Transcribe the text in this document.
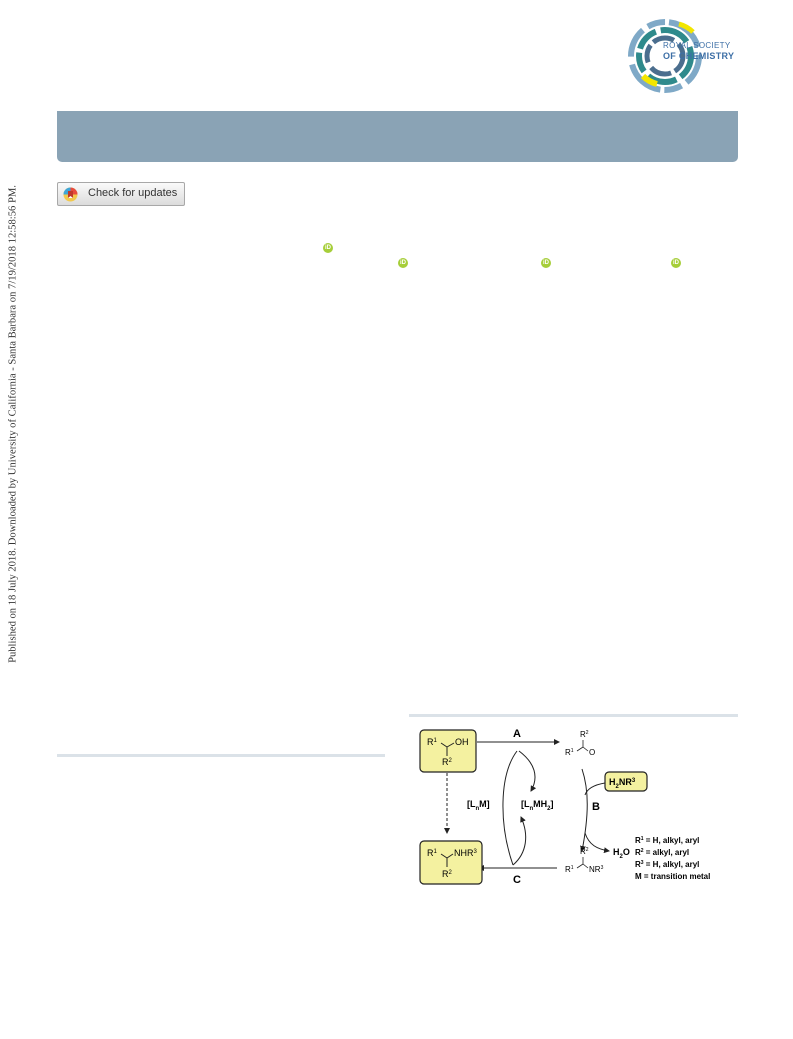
ROYAL SOCIETY
OF CHEMISTRY
Check for updates
iD
iD	iD	iD
Published on 18 July 2018. Downloaded by University of California - Santa Barbara on 7/19/2018 12:58:56 PM.
$R^1$ OH
$R^2$
A	$R^2$
$R^1$ O
$[L_nM]$	$[L_nMH_2]$	B
$H_2NR^3$
$H_2O$
$R^2$
$R^1$ $NR^3$
C
$R^1$ NHR$^3$
$R^2$
$R^1 = H$, alkyl, aryl
$R^2$ = alkyl, aryl
$R^3 = H$, alkyl, aryl
M = transition metal
